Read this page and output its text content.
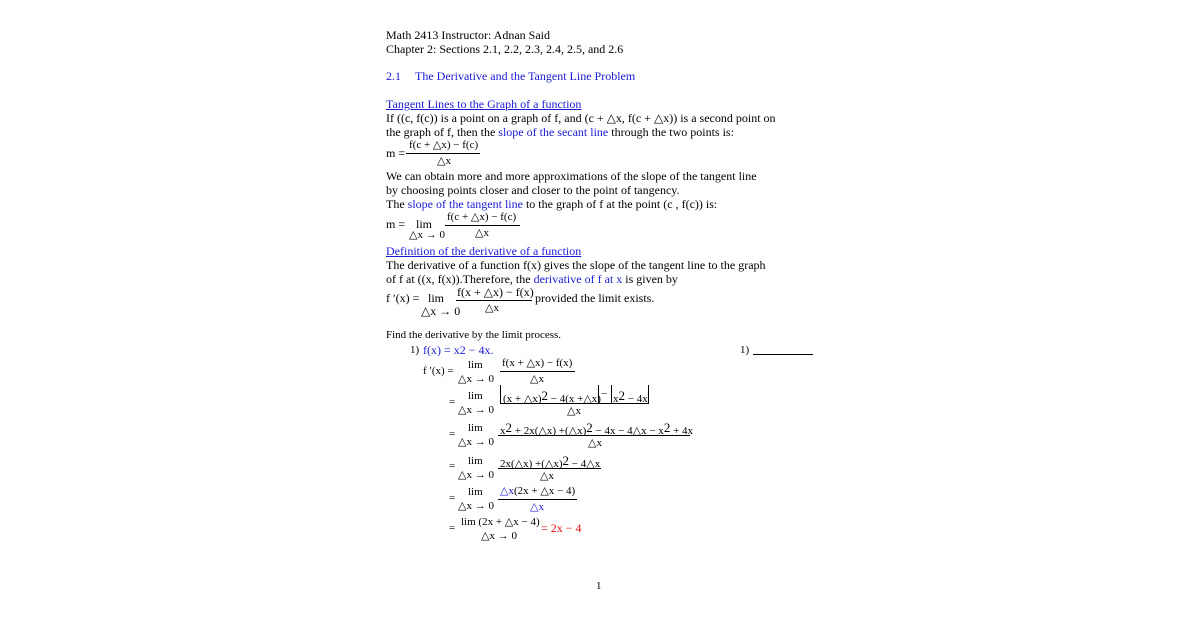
Math 2413 Instructor: Adnan Said
Chapter 2: Sections 2.1, 2.2, 2.3, 2.4, 2.5, and 2.6
2.1 The Derivative and the Tangent Line Problem
Tangent Lines to the Graph of a function
If ((c, f(c)) is a point on a graph of f, and (c + △x, f(c + △x)) is a second point on
the graph of f, then the slope of the secant line through the two points is:
m =
f(c + △x) − f(c)
△x
We can obtain more and more approximations of the slope of the tangent line
by choosing points closer and closer to the point of tangency.
The slope of the tangent line to the graph of f at the point (c , f(c)) is:
m = lim
△x → 0
f(c + △x) − f(c)
△x
Definition of the derivative of a function
The derivative of a function f(x) gives the slope of the tangent line to the graph
of f at ((x, f(x)).Therefore, the derivative of f at x is given by
f ′(x) = lim
△x → 0
f(x + △x) − f(x)
△x
provided the limit exists.
Find the derivative by the limit process.
1) f(x) = x2 − 4x.	1)
f ′(x) = lim
△x → 0
f(x + △x) − f(x)
△x
= lim
△x → 0
(x + △x)2 − 4(x +△x) − x2 − 4x
△x
= lim
△x → 0
x2 + 2x(△x) +(△x)2 − 4x − 4△x − x2 + 4x
△x
= lim
△x → 0
2x(△x) +(△x)2 − 4△x
△x
= lim
△x → 0
△x(2x + △x − 4)
△x
= lim (2x + △x − 4)
△x → 0
= 2x − 4
1
